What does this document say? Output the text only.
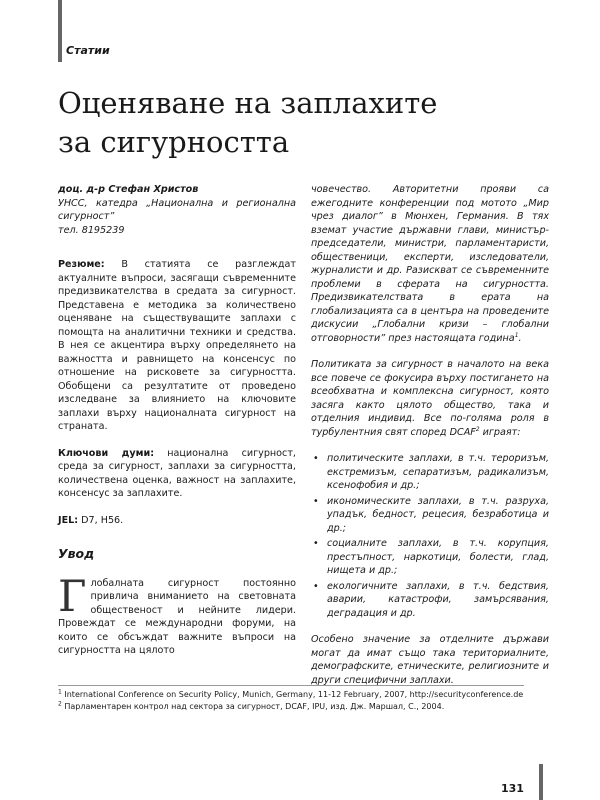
Статии
Оценяване на заплахите
за сигурността

доц. д-р Стефан Христов

УНСС, катедра „Национална и регионална сигурност”

тел. 8195239

Резюме: В статията се разглеждат актуалните въпроси, засягащи съвременните предизвикателства в средата за сигурност. Представена е методика за количествено оценяване на съществуващите заплахи с помощта на аналитични техники и средства. В нея се акцентира върху определянето на важността и равнището на консенсус по отношение на рисковете за сигурността. Обобщени са резултатите от проведено изследване за влиянието на ключовите заплахи върху националната сигурност на страната.

Ключови думи: национална сигурност, среда за сигурност, заплахи за сигурността, количествена оценка, важност на заплахите, консенсус за заплахите.

JEL: D7, H56.

Увод

Глобалната сигурност постоянно привлича вниманието на световната общественост и нейните лидери. Провеждат се международни форуми, на които се обсъждат важните въпроси на сигурността на цялото

човечество. Авторитетни прояви са ежегодните конференции под мотото „Мир чрез диалог” в Мюнхен, Германия. В тях вземат участие държавни глави, министър-председатели, министри, парламентаристи, общественици, експерти, изследователи, журналисти и др. Разискват се съвременните проблеми в сферата на сигурността. Предизвикателствата в ерата на глобализацията са в центъра на проведените дискусии „Глобални кризи – глобални отговорности” през настоящата година$^1$.

Политиката за сигурност в началото на века все повече се фокусира върху постигането на всеобхватна и комплексна сигурност, която засяга както цялото общество, така и отделния индивид. Все по-голяма роля в турбулентния свят според DCAF$^2$ играят:

• политическите заплахи, в т.ч. тероризъм, екстремизъм, сепаратизъм, радикализъм, ксенофобия и др.;
• икономическите заплахи, в т.ч. разруха, упадък, бедност, рецесия, безработица и др.;
• социалните заплахи, в т.ч. корупция, престъпност, наркотици, болести, глад, нищета и др.;
• екологичните заплахи, в т.ч. бедствия, аварии, катастрофи, замърсявания, деградация и др.

Особено значение за отделните държави могат да имат също така териториалните, демографските, етническите, религиозните и други специфични заплахи.

$^1$ International Conference on Security Policy, Munich, Germany, 11-12 February, 2007, http://securityconference.de
$^2$ Парламентарен контрол над сектора за сигурност, DCAF, IPU, изд. Дж. Маршал, С., 2004.
131
